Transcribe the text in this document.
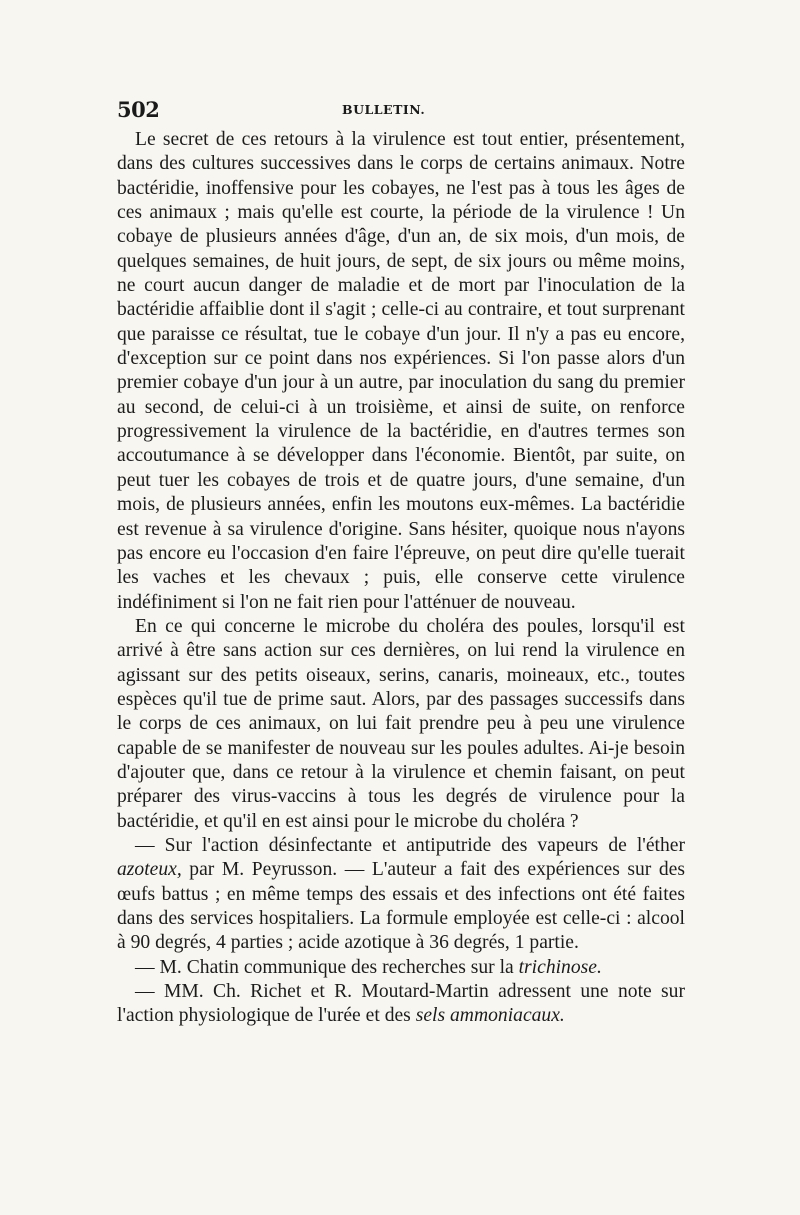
502	BULLETIN.

Le secret de ces retours à la virulence est tout entier, présentement, dans des cultures successives dans le corps de certains animaux. Notre bactéridie, inoffensive pour les cobayes, ne l'est pas à tous les âges de ces animaux ; mais qu'elle est courte, la période de la virulence ! Un cobaye de plusieurs années d'âge, d'un an, de six mois, d'un mois, de quelques semaines, de huit jours, de sept, de six jours ou même moins, ne court aucun danger de maladie et de mort par l'inoculation de la bactéridie affaiblie dont il s'agit ; celle-ci au contraire, et tout surprenant que paraisse ce résultat, tue le cobaye d'un jour. Il n'y a pas eu encore, d'exception sur ce point dans nos expériences. Si l'on passe alors d'un premier cobaye d'un jour à un autre, par inoculation du sang du premier au second, de celui-ci à un troisième, et ainsi de suite, on renforce progressivement la virulence de la bactéridie, en d'autres termes son accoutumance à se développer dans l'économie. Bientôt, par suite, on peut tuer les cobayes de trois et de quatre jours, d'une semaine, d'un mois, de plusieurs années, enfin les moutons eux-mêmes. La bactéridie est revenue à sa virulence d'origine. Sans hésiter, quoique nous n'ayons pas encore eu l'occasion d'en faire l'épreuve, on peut dire qu'elle tuerait les vaches et les chevaux ; puis, elle conserve cette virulence indéfiniment si l'on ne fait rien pour l'atténuer de nouveau.

En ce qui concerne le microbe du choléra des poules, lorsqu'il est arrivé à être sans action sur ces dernières, on lui rend la virulence en agissant sur des petits oiseaux, serins, canaris, moineaux, etc., toutes espèces qu'il tue de prime saut. Alors, par des passages successifs dans le corps de ces animaux, on lui fait prendre peu à peu une virulence capable de se manifester de nouveau sur les poules adultes. Ai-je besoin d'ajouter que, dans ce retour à la virulence et chemin faisant, on peut préparer des virus-vaccins à tous les degrés de virulence pour la bactéridie, et qu'il en est ainsi pour le microbe du choléra ?

— Sur l'action désinfectante et antiputride des vapeurs de l'éther azoteux, par M. Peyrusson. — L'auteur a fait des expériences sur des œufs battus ; en même temps des essais et des infections ont été faites dans des services hospitaliers. La formule employée est celle-ci : alcool à 90 degrés, 4 parties ; acide azotique à 36 degrés, 1 partie.

— M. Chatin communique des recherches sur la trichinose.

— MM. Ch. Richet et R. Moutard-Martin adressent une note sur l'action physiologique de l'urée et des sels ammoniacaux.
